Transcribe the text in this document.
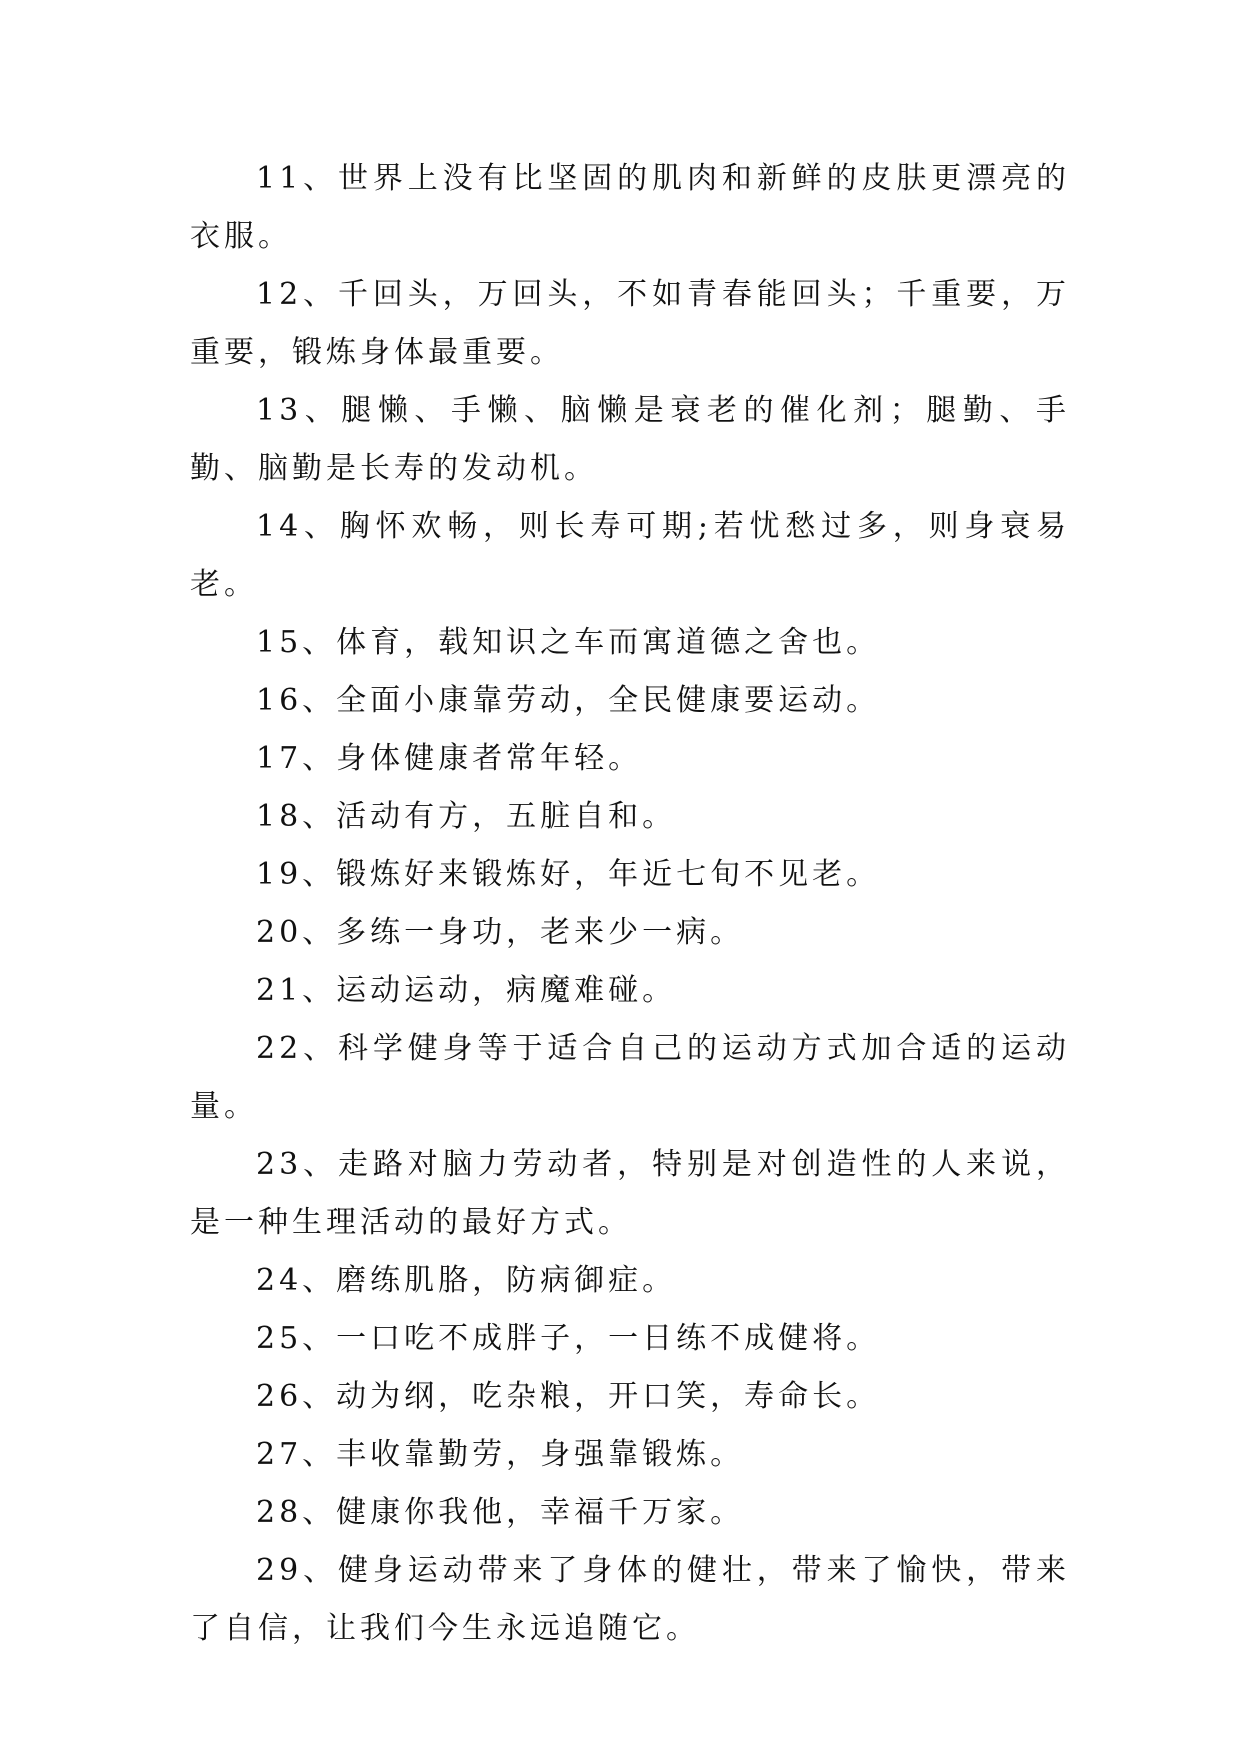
11、世界上没有比坚固的肌肉和新鲜的皮肤更漂亮的衣服。

12、千回头，万回头，不如青春能回头；千重要，万重要，锻炼身体最重要。

13、腿懒、手懒、脑懒是衰老的催化剂；腿勤、手勤、脑勤是长寿的发动机。

14、胸怀欢畅，则长寿可期;若忧愁过多，则身衰易老。

15、体育，载知识之车而寓道德之舍也。

16、全面小康靠劳动，全民健康要运动。

17、身体健康者常年轻。

18、活动有方，五脏自和。

19、锻炼好来锻炼好，年近七旬不见老。

20、多练一身功，老来少一病。

21、运动运动，病魔难碰。

22、科学健身等于适合自己的运动方式加合适的运动量。

23、走路对脑力劳动者，特别是对创造性的人来说，是一种生理活动的最好方式。

24、磨练肌胳，防病御症。

25、一口吃不成胖子，一日练不成健将。

26、动为纲，吃杂粮，开口笑，寿命长。

27、丰收靠勤劳，身强靠锻炼。

28、健康你我他，幸福千万家。

29、健身运动带来了身体的健壮，带来了愉快，带来了自信，让我们今生永远追随它。
